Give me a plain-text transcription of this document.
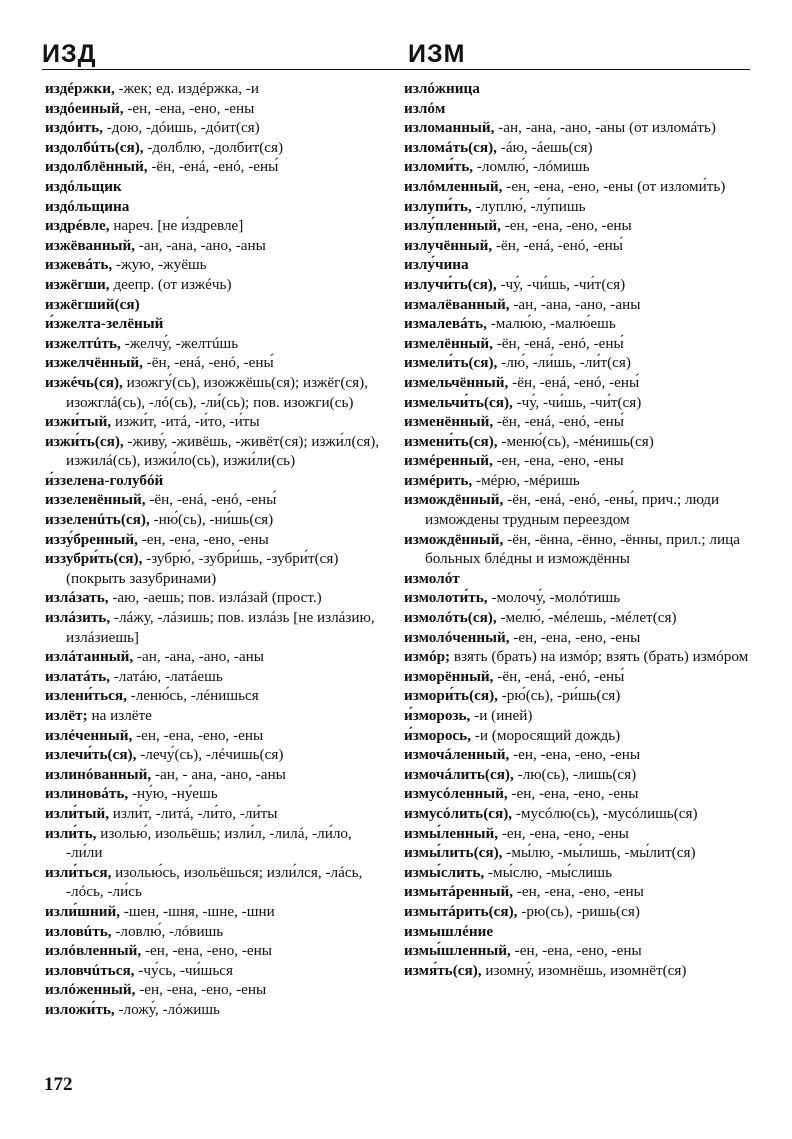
ИЗД	ИЗМ
издéржки, -жек; ед. издéржка, -и
издóеиный, -ен, -ена, -ено, -ены
издóить, -дою, -дóишь, -дóит(ся)
издолбúть(ся), -долблю, -долбит(ся)
издолблённый, -ён, -енá, -енó, -ены́
издóльщик
издóльщина
издрéвле, нареч. [не и́здревле]
изжёванный, -ан, -ана, -ано, -аны
изжевáть, -жую, -жуёшь
изжёгши, деепр. (от изжéчь)
изжёгший(ся)
и́зжелта-зелёный
изжелтúть, -желчу́, -желтúшь
изжелчённый, -ён, -енá, -енó, -ены́
изжéчь(ся), изожгу́(сь), изожжёшь(ся); изжёг(ся), изожглá(сь), -лó(сь), -ли́(сь); пов. изожги(сь)
изжи́тый, изжи́т, -итá, -и́то, -и́ты
изжи́ть(ся), -живу́, -живёшь, -живёт(ся); изжи́л(ся), изжилá(сь), изжи́ло(сь), изжи́ли(сь)
и́ззелена-голубóй
иззеленённый, -ён, -енá, -енó, -ены́
иззеленúть(ся), -ню́(сь), -ни́шь(ся)
иззу́бренный, -ен, -ена, -ено, -ены
иззубри́ть(ся), -зубрю́, -зубри́шь, -зубри́т(ся) (покрыть зазубринами)
излáзать, -аю, -аешь; пов. излáзай (прост.)
излáзить, -лáжу, -лáзишь; пов. излáзь [не излáзию, излáзиешь]
излáтанный, -ан, -ана, -ано, -аны
излатáть, -латáю, -латáешь
излени́ться, -леню́сь, -лéнишься
излёт; на излёте
излéченный, -ен, -ена, -ено, -ены
излечи́ть(ся), -лечу́(сь), -лéчишь(ся)
излинóванный, -ан, - ана, -ано, -аны
излиновáть, -ну́ю, -ну́ешь
изли́тый, изли́т, -литá, -ли́то, -ли́ты
изли́ть, изолью́, изольёшь; изли́л, -лилá, -ли́ло, -ли́ли
изли́ться, изолью́сь, изольёшься; изли́лся, -лáсь, -лóсь, -ли́сь
изли́шний, -шен, -шня, -шне, -шни
изловúть, -ловлю́, -лóвишь
излóвленный, -ен, -ена, -ено, -ены
изловчúться, -чу́сь, -чи́шься
излóженный, -ен, -ена, -ено, -ены
изложи́ть, -ложу́, -лóжишь
излóжница
излóм
изломанный, -ан, -ана, -ано, -аны (от изломáть)
изломáть(ся), -áю, -áешь(ся)
изломи́ть, -ломлю́, -лóмишь
излóмленный, -ен, -ена, -ено, -ены (от изломи́ть)
излупи́ть, -луплю́, -лу́пишь
излу́пленный, -ен, -ена, -ено, -ены
излучённый, -ён, -енá, -енó, -ены́
излу́чина
излучи́ть(ся), -чу́, -чи́шь, -чи́т(ся)
измалёванный, -ан, -ана, -ано, -аны
измалевáть, -малю́ю, -малю́ешь
измелённый, -ён, -енá, -енó, -ены́
измели́ть(ся), -лю́, -ли́шь, -ли́т(ся)
измельчённый, -ён, -енá, -енó, -ены́
измельчи́ть(ся), -чу́, -чи́шь, -чи́т(ся)
изменённый, -ён, -енá, -енó, -ены́
измени́ть(ся), -меню́(сь), -мéнишь(ся)
измéренный, -ен, -ена, -ено, -ены
измéрить, -мéрю, -мéришь
измождённый, -ён, -енá, -енó, -ены́, прич.; люди измождены трудным переездом
измождённый, -ён, -ённа, -ённо, -ённы, прил.; лица больных блéдны и измождённы
измолóт
измолоти́ть, -молочу́, -молóтишь
измолóть(ся), -мелю́, -мéлешь, -мéлет(ся)
измолóченный, -ен, -ена, -ено, -ены
измóр; взять (брать) на измóр; взять (брать) измóром
изморённый, -ён, -енá, -енó, -ены́
измори́ть(ся), -рю́(сь), -ри́шь(ся)
и́зморозь, -и (иней)
и́зморось, -и (моросящий дождь)
измочáленный, -ен, -ена, -ено, -ены
измочáлить(ся), -лю(сь), -лишь(ся)
измусóленный, -ен, -ена, -ено, -ены
измусóлить(ся), -мусóлю(сь), -мусóлишь(ся)
измы́ленный, -ен, -ена, -ено, -ены
измы́лить(ся), -мы́лю, -мы́лишь, -мы́лит(ся)
измы́слить, -мы́слю, -мы́слишь
измытáренный, -ен, -ена, -ено, -ены
измытáрить(ся), -рю(сь), -ришь(ся)
измышлéние
измы́шленный, -ен, -ена, -ено, -ены
измя́ть(ся), изомну́, изомнёшь, изомнёт(ся)
172
